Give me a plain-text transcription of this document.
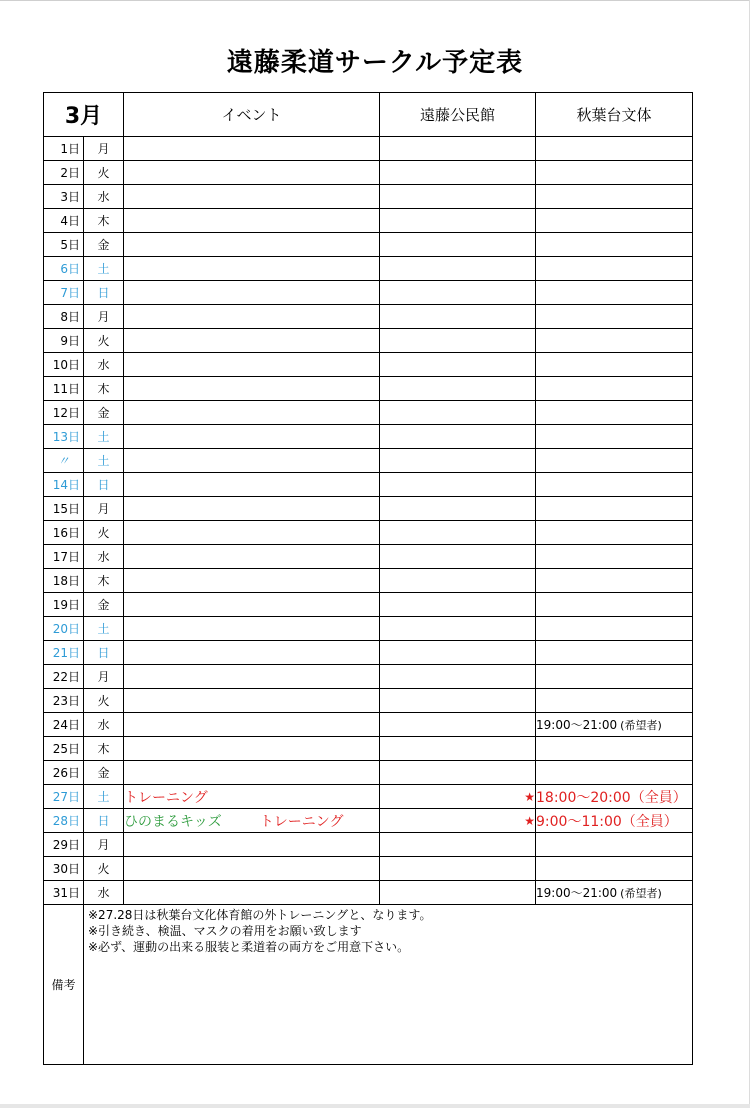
遠藤柔道サークル予定表
3月		イベント	遠藤公民館	秋葉台文体
1日	月			
2日	火			
3日	水			
4日	木			
5日	金			
6日	土			
7日	日			
8日	月			
9日	火			
10日	水			
11日	木			
12日	金			
13日	土			
〃	土			
14日	日			
15日	月			
16日	火			
17日	水			
18日	木			
19日	金			
20日	土			
21日	日			
22日	月			
23日	火			
24日	水			19:00～21:00 (希望者)
25日	木			
26日	金			
27日	土	トレーニング	★	18:00～20:00（全員）
28日	日	ひのまるキッズ トレーニング	★	9:00～11:00（全員）
29日	月			
30日	火			
31日	水			19:00～21:00 (希望者)
備考	※27.28日は秋葉台文化体育館の外トレーニングと、なります。
※引き続き、検温、マスクの着用をお願い致します
※必ず、運動の出来る服装と柔道着の両方をご用意下さい。			
